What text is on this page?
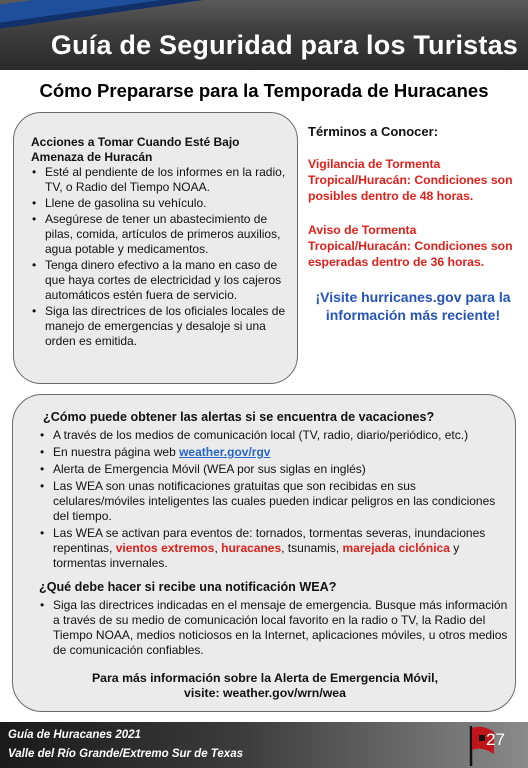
Guía de Seguridad para los Turistas
Cómo Prepararse para la Temporada de Huracanes
Acciones a Tomar Cuando Esté Bajo
Amenaza de Huracán
• Esté al pendiente de los informes en la radio, TV, o Radio del Tiempo NOAA.
• Llene de gasolina su vehículo.
• Asegúrese de tener un abastecimiento de pilas, comida, artículos de primeros auxilios, agua potable y medicamentos.
• Tenga dinero efectivo a la mano en caso de que haya cortes de electricidad y los cajeros automáticos estén fuera de servicio.
• Siga las directrices de los oficiales locales de manejo de emergencias y desaloje si una orden es emitida.
Términos a Conocer:
Vigilancia de Tormenta Tropical/Huracán: Condiciones son posibles dentro de 48 horas.
Aviso de Tormenta Tropical/Huracán: Condiciones son esperadas dentro de 36 horas.
¡Visite hurricanes.gov para la información más reciente!
¿Cómo puede obtener las alertas si se encuentra de vacaciones?
• A través de los medios de comunicación local (TV, radio, diario/periódico, etc.)
• En nuestra página web weather.gov/rgv
• Alerta de Emergencia Móvil (WEA por sus siglas en inglés)
• Las WEA son unas notificaciones gratuitas que son recibidas en sus celulares/móviles inteligentes las cuales pueden indicar peligros en las condiciones del tiempo.
• Las WEA se activan para eventos de: tornados, tormentas severas, inundaciones repentinas, vientos extremos, huracanes, tsunamis, marejada ciclónica y tormentas invernales.
¿Qué debe hacer si recibe una notificación WEA?
• Siga las directrices indicadas en el mensaje de emergencia. Busque más información a través de su medio de comunicación local favorito en la radio o TV, la Radio del Tiempo NOAA, medios noticiosos en la Internet, aplicaciones móviles, u otros medios de comunicación confiables.
Para más información sobre la Alerta de Emergencia Móvil,
visite: weather.gov/wrn/wea
Guía de Huracanes 2021
Valle del Río Grande/Extremo Sur de Texas
27
